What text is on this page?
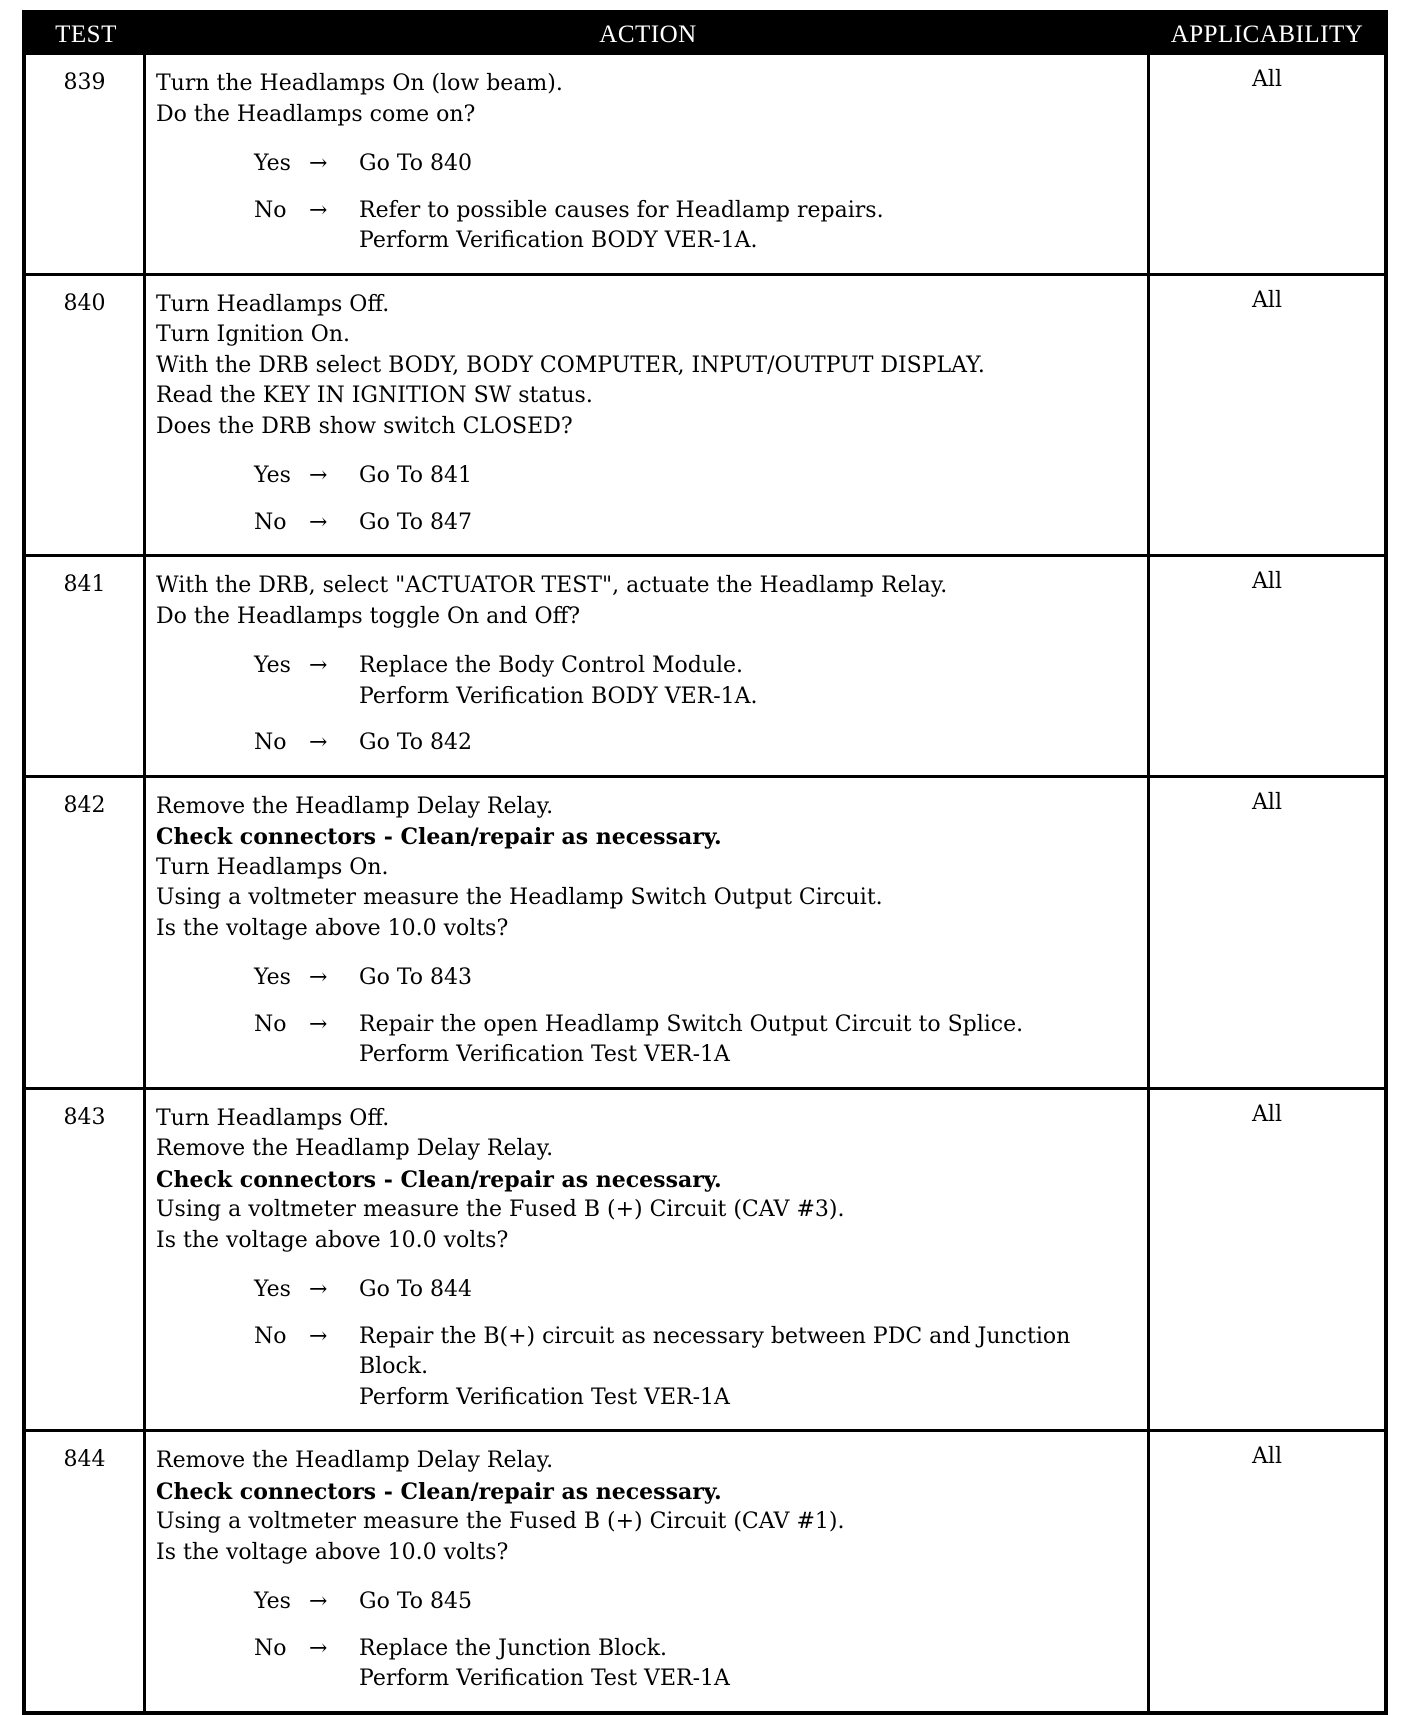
TEST	ACTION	APPLICABILITY
839	Turn the Headlamps On (low beam).
Do the Headlamps come on?
Yes →	Go To 840
No	→	Refer to possible causes for Headlamp repairs.
Perform Verification BODY VER-1A.
All
840	Turn Headlamps Off.
Turn Ignition On.
With the DRB select BODY, BODY COMPUTER, INPUT/OUTPUT DISPLAY.
Read the KEY IN IGNITION SW status.
Does the DRB show switch CLOSED?
Yes →	Go To 841
No	→	Go To 847
All
841	With the DRB, select "ACTUATOR TEST", actuate the Headlamp Relay.
Do the Headlamps toggle On and Off?
Yes →	Replace the Body Control Module.
Perform Verification BODY VER-1A.
No	→	Go To 842
All
842	Remove the Headlamp Delay Relay.
Check connectors - Clean/repair as necessary.
Turn Headlamps On.
Using a voltmeter measure the Headlamp Switch Output Circuit.
Is the voltage above 10.0 volts?
Yes →	Go To 843
No	→	Repair the open Headlamp Switch Output Circuit to Splice.
Perform Verification Test VER-1A
All
843	Turn Headlamps Off.
Remove the Headlamp Delay Relay.
Check connectors - Clean/repair as necessary.
Using a voltmeter measure the Fused B (+) Circuit (CAV #3).
Is the voltage above 10.0 volts?
Yes →	Go To 844
No	→	Repair the B(+) circuit as necessary between PDC and Junction
Block.
Perform Verification Test VER-1A
All
844	Remove the Headlamp Delay Relay.
Check connectors - Clean/repair as necessary.
Using a voltmeter measure the Fused B (+) Circuit (CAV #1).
Is the voltage above 10.0 volts?
Yes →	Go To 845
No	→	Replace the Junction Block.
Perform Verification Test VER-1A
All
